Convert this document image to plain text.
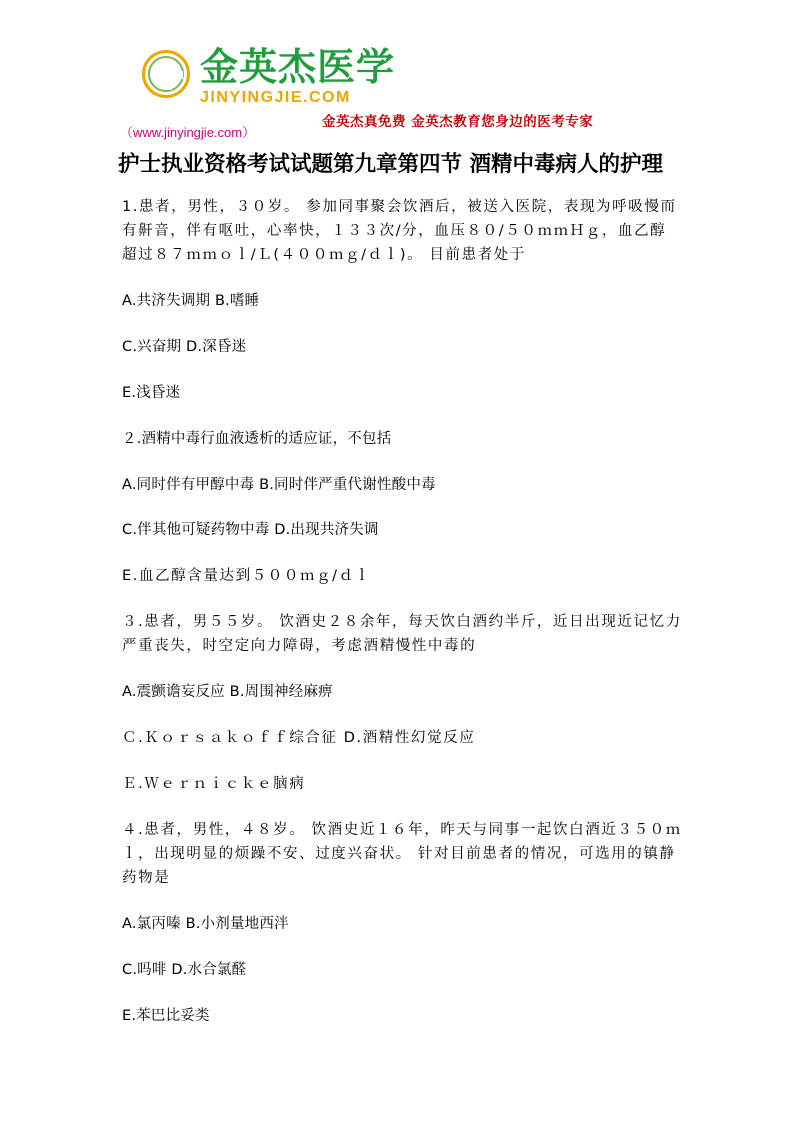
金英杰医学
JINYINGJIE.COM
（www.jinyingjie.com）
金英杰真免费 金英杰教育您身边的医考专家
护士执业资格考试试题第九章第四节 酒精中毒病人的护理

1.患者，男性，３０岁。 参加同事聚会饮酒后，被送入医院，表现为呼吸慢而有鼾音，伴有呕吐，心率快，１３３次/分，血压８０/５０ｍｍＨｇ，血乙醇超过８７ｍｍｏｌ/Ｌ(４００ｍｇ/ｄｌ)。 目前患者处于

A.共济失调期 B.嗜睡

C.兴奋期 D.深昏迷

E.浅昏迷

２.酒精中毒行血液透析的适应证，不包括

A.同时伴有甲醇中毒 B.同时伴严重代谢性酸中毒

C.伴其他可疑药物中毒 D.出现共济失调

E.血乙醇含量达到５００ｍｇ/ｄｌ

３.患者，男５５岁。 饮酒史２８余年，每天饮白酒约半斤，近日出现近记忆力严重丧失，时空定向力障碍，考虑酒精慢性中毒的

A.震颤谵妄反应 B.周围神经麻痹

Ｃ.Ｋｏｒｓａｋｏｆｆ综合征 D.酒精性幻觉反应

Ｅ.Ｗｅｒｎｉｃｋｅ脑病

４.患者，男性，４８岁。 饮酒史近１６年，昨天与同事一起饮白酒近３５０ｍｌ，出现明显的烦躁不安、过度兴奋状。 针对目前患者的情况，可选用的镇静药物是

A.氯丙嗪 B.小剂量地西泮

C.吗啡 D.水合氯醛

E.苯巴比妥类
